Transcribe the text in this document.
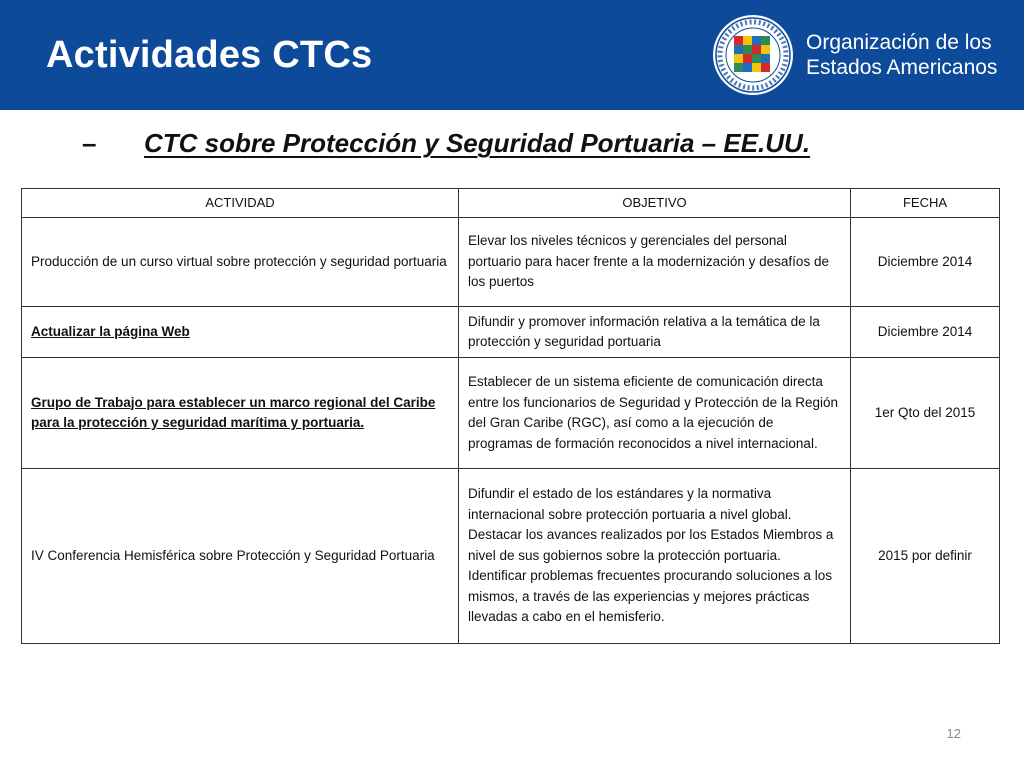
Actividades CTCs	Organización de los
Estados Americanos
– CTC sobre Protección y Seguridad Portuaria – EE.UU.
ACTIVIDAD	OBJETIVO	FECHA
Producción de un curso virtual sobre protección y seguridad portuaria	Elevar los niveles técnicos y gerenciales del personal portuario para hacer frente a la modernización y desafíos de los puertos	Diciembre 2014
Actualizar la página Web	Difundir y promover información relativa a la temática de la protección y seguridad portuaria	Diciembre 2014
Grupo de Trabajo para establecer un marco regional del Caribe para la protección y seguridad marítima y portuaria.	Establecer de un sistema eficiente de comunicación directa entre los funcionarios de Seguridad y Protección de la Región del Gran Caribe (RGC), así como a la ejecución de programas de formación reconocidos a nivel internacional.	1er Qto del 2015
IV Conferencia Hemisférica sobre Protección y Seguridad Portuaria	Difundir el estado de los estándares y la normativa internacional sobre protección portuaria a nivel global. Destacar los avances realizados por los Estados Miembros a nivel de sus gobiernos sobre la protección portuaria. Identificar problemas frecuentes procurando soluciones a los mismos, a través de las experiencias y mejores prácticas llevadas a cabo en el hemisferio.	2015 por definir
12
